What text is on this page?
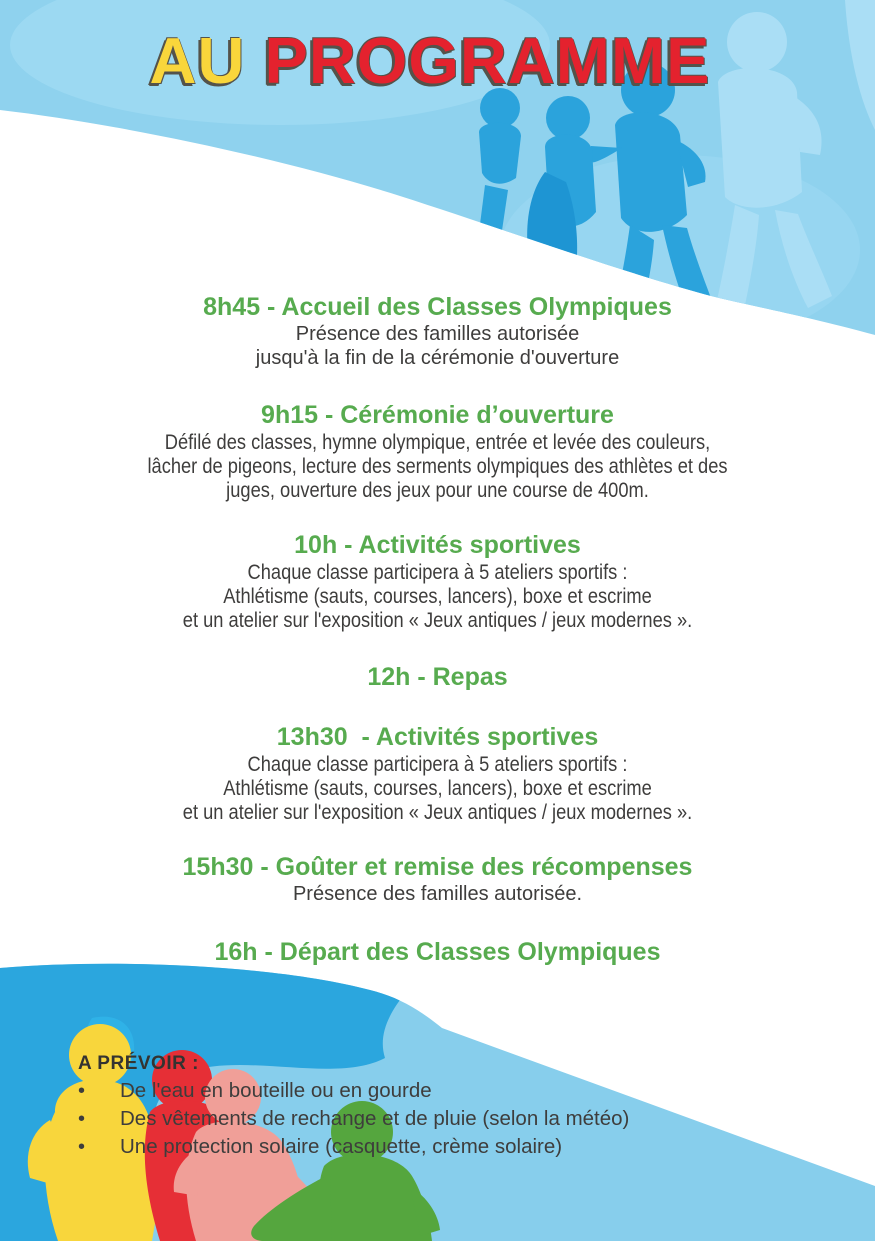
AU PROGRAMME
8h45 - Accueil des Classes Olympiques
Présence des familles autorisée
jusqu'à la fin de la cérémonie d'ouverture
9h15 - Cérémonie d’ouverture
Défilé des classes, hymne olympique, entrée et levée des couleurs,
lâcher de pigeons, lecture des serments olympiques des athlètes et des
juges, ouverture des jeux pour une course de 400m.
10h - Activités sportives
Chaque classe participera à 5 ateliers sportifs :
Athlétisme (sauts, courses, lancers), boxe et escrime
et un atelier sur l'exposition « Jeux antiques / jeux modernes ».
12h - Repas
13h30  - Activités sportives
Chaque classe participera à 5 ateliers sportifs :
Athlétisme (sauts, courses, lancers), boxe et escrime
et un atelier sur l'exposition « Jeux antiques / jeux modernes ».
15h30 - Goûter et remise des récompenses
Présence des familles autorisée.
16h - Départ des Classes Olympiques
A PRÉVOIR :
•	De l'eau en bouteille ou en gourde
•	Des vêtements de rechange et de pluie (selon la météo)
•	Une protection solaire (casquette, crème solaire)
